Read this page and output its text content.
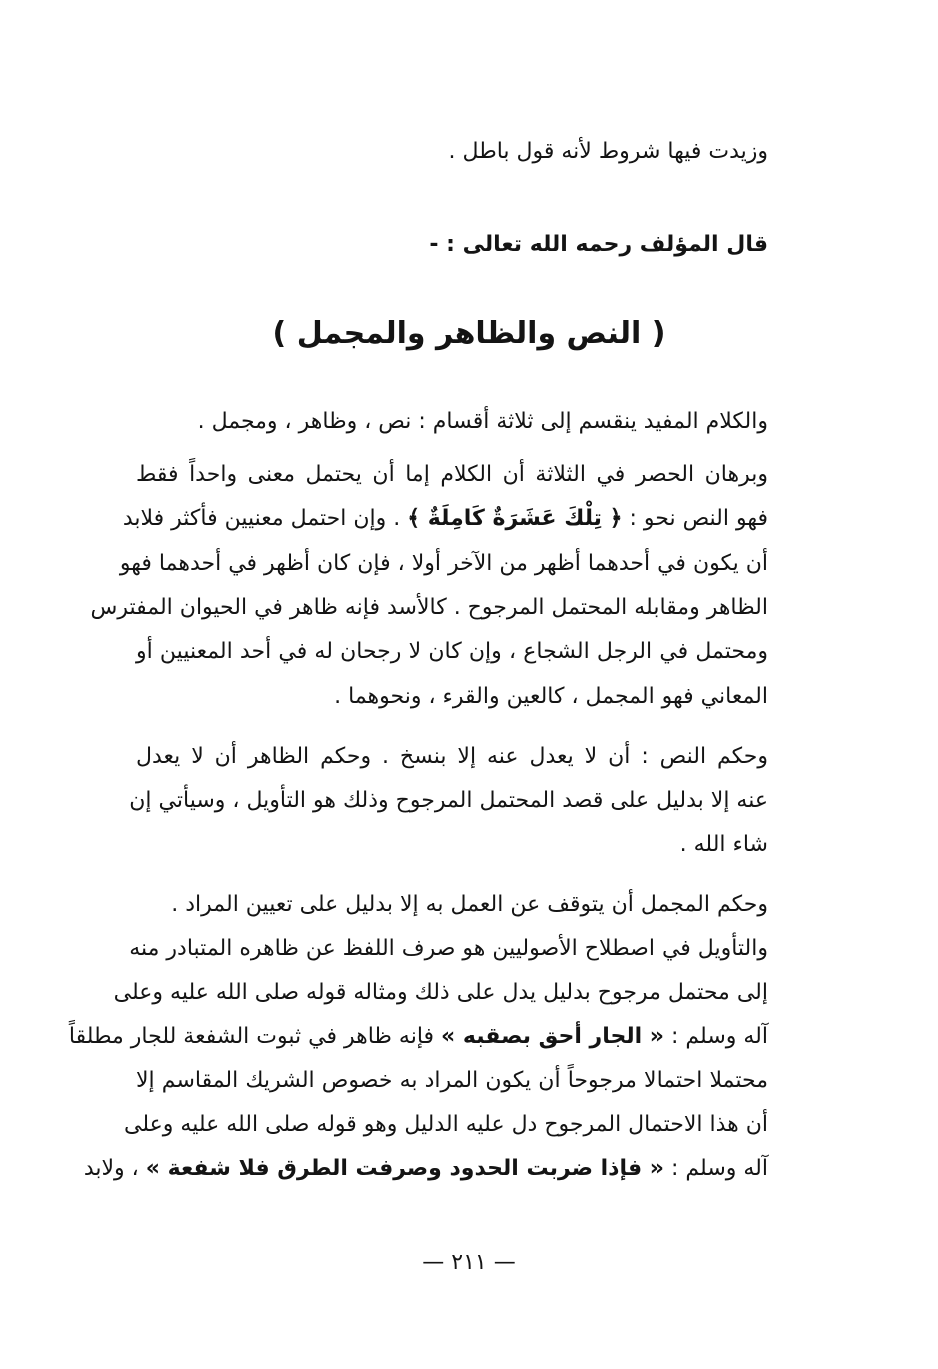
وزيدت فيها شروط لأنه قول باطل .
قال المؤلف رحمه الله تعالى : -
( النص والظاهر والمجمل )
والكلام المفيد ينقسم إلى ثلاثة أقسام : نص ، وظاهر ، ومجمل .
وبرهان الحصر في الثلاثة أن الكلام إما أن يحتمل معنى واحداً فقط
فهو النص نحو : ﴿ تِلْكَ عَشَرَةٌ كَامِلَةٌ ﴾ . وإن احتمل معنيين فأكثر فلابد
أن يكون في أحدهما أظهر من الآخر أولا ، فإن كان أظهر في أحدهما فهو
الظاهر ومقابله المحتمل المرجوح . كالأسد فإنه ظاهر في الحيوان المفترس
ومحتمل في الرجل الشجاع ، وإن كان لا رجحان له في أحد المعنيين أو
المعاني فهو المجمل ، كالعين والقرء ، ونحوهما .
وحكم النص : أن لا يعدل عنه إلا بنسخ . وحكم الظاهر أن لا يعدل
عنه إلا بدليل على قصد المحتمل المرجوح وذلك هو التأويل ، وسيأتي إن
شاء الله .
وحكم المجمل أن يتوقف عن العمل به إلا بدليل على تعيين المراد .
والتأويل في اصطلاح الأصوليين هو صرف اللفظ عن ظاهره المتبادر منه
إلى محتمل مرجوح بدليل يدل على ذلك ومثاله قوله صلى الله عليه وعلى
آله وسلم : « الجار أحق بصقبه » فإنه ظاهر في ثبوت الشفعة للجار مطلقاً
محتملا احتمالا مرجوحاً أن يكون المراد به خصوص الشريك المقاسم إلا
أن هذا الاحتمال المرجوح دل عليه الدليل وهو قوله صلى الله عليه وعلى
آله وسلم : « فإذا ضربت الحدود وصرفت الطرق فلا شفعة » ، ولابد
— ٢١١ —
